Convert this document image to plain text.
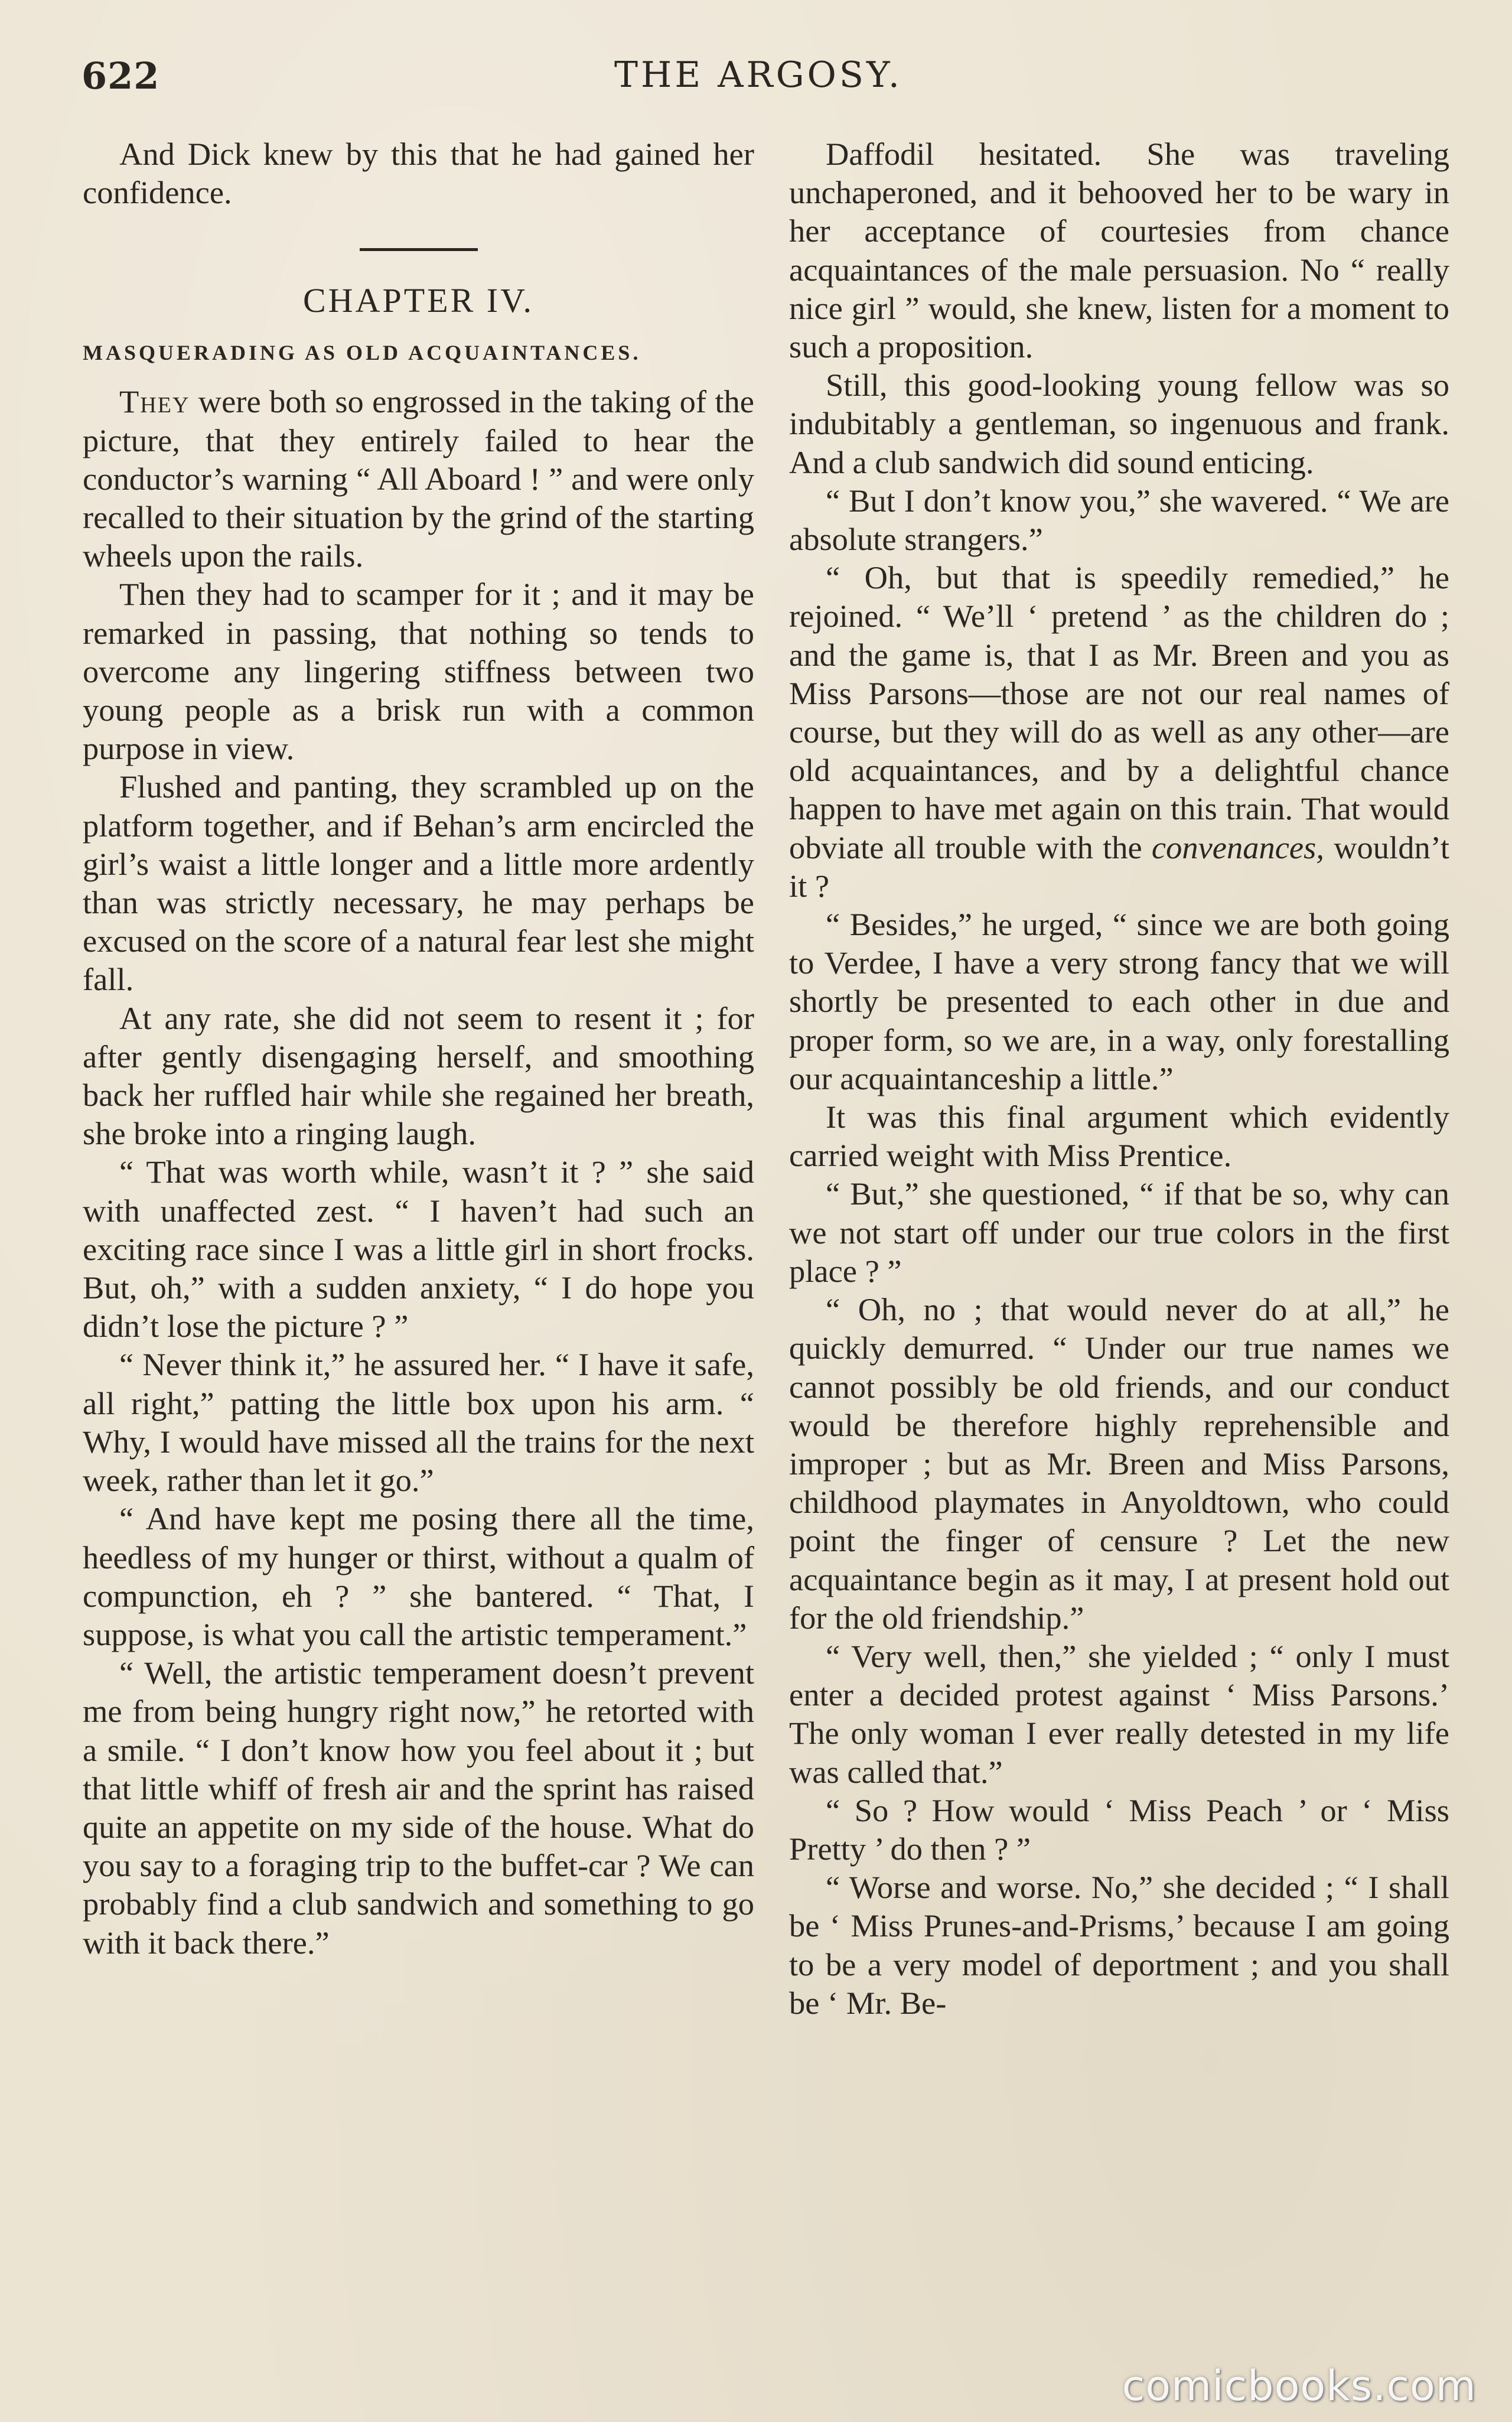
622	THE ARGOSY.

And Dick knew by this that he had gained her confidence.

CHAPTER IV.
MASQUERADING AS OLD ACQUAINTANCES.

They were both so engrossed in the taking of the picture, that they entirely failed to hear the conductor’s warning “ All Aboard ! ” and were only recalled to their situation by the grind of the starting wheels upon the rails.

Then they had to scamper for it ; and it may be remarked in passing, that nothing so tends to overcome any lingering stiffness between two young people as a brisk run with a common purpose in view.

Flushed and panting, they scrambled up on the platform together, and if Behan’s arm encircled the girl’s waist a little longer and a little more ardently than was strictly necessary, he may perhaps be excused on the score of a natural fear lest she might fall.

At any rate, she did not seem to resent it ; for after gently disengaging herself, and smoothing back her ruffled hair while she regained her breath, she broke into a ringing laugh.

“ That was worth while, wasn’t it ? ” she said with unaffected zest. “ I haven’t had such an exciting race since I was a little girl in short frocks. But, oh,” with a sudden anxiety, “ I do hope you didn’t lose the picture ? ”

“ Never think it,” he assured her. “ I have it safe, all right,” patting the little box upon his arm. “ Why, I would have missed all the trains for the next week, rather than let it go.”

“ And have kept me posing there all the time, heedless of my hunger or thirst, without a qualm of compunction, eh ? ” she bantered. “ That, I suppose, is what you call the artistic temperament.”

“ Well, the artistic temperament doesn’t prevent me from being hungry right now,” he retorted with a smile. “ I don’t know how you feel about it ; but that little whiff of fresh air and the sprint has raised quite an appetite on my side of the house. What do you say to a foraging trip to the buffet-car ? We can probably find a club sandwich and something to go with it back there.”

Daffodil hesitated. She was traveling unchaperoned, and it behooved her to be wary in her acceptance of courtesies from chance acquaintances of the male persuasion. No “ really nice girl ” would, she knew, listen for a moment to such a proposition.

Still, this good-looking young fellow was so indubitably a gentleman, so ingenuous and frank. And a club sandwich did sound enticing.

“ But I don’t know you,” she wavered. “ We are absolute strangers.”

“ Oh, but that is speedily remedied,” he rejoined. “ We’ll ‘ pretend ’ as the children do ; and the game is, that I as Mr. Breen and you as Miss Parsons—those are not our real names of course, but they will do as well as any other—are old acquaintances, and by a delightful chance happen to have met again on this train. That would obviate all trouble with the convenances, wouldn’t it ?

“ Besides,” he urged, “ since we are both going to Verdee, I have a very strong fancy that we will shortly be presented to each other in due and proper form, so we are, in a way, only forestalling our acquaintanceship a little.”

It was this final argument which evidently carried weight with Miss Prentice.

“ But,” she questioned, “ if that be so, why can we not start off under our true colors in the first place ? ”

“ Oh, no ; that would never do at all,” he quickly demurred. “ Under our true names we cannot possibly be old friends, and our conduct would be therefore highly reprehensible and improper ; but as Mr. Breen and Miss Parsons, childhood playmates in Anyoldtown, who could point the finger of censure ? Let the new acquaintance begin as it may, I at present hold out for the old friendship.”

“ Very well, then,” she yielded ; “ only I must enter a decided protest against ‘ Miss Parsons.’ The only woman I ever really detested in my life was called that.”

“ So ? How would ‘ Miss Peach ’ or ‘ Miss Pretty ’ do then ? ”

“ Worse and worse. No,” she decided ; “ I shall be ‘ Miss Prunes-and-Prisms,’ because I am going to be a very model of deportment ; and you shall be ‘ Mr. Be-

comicbooks.com
